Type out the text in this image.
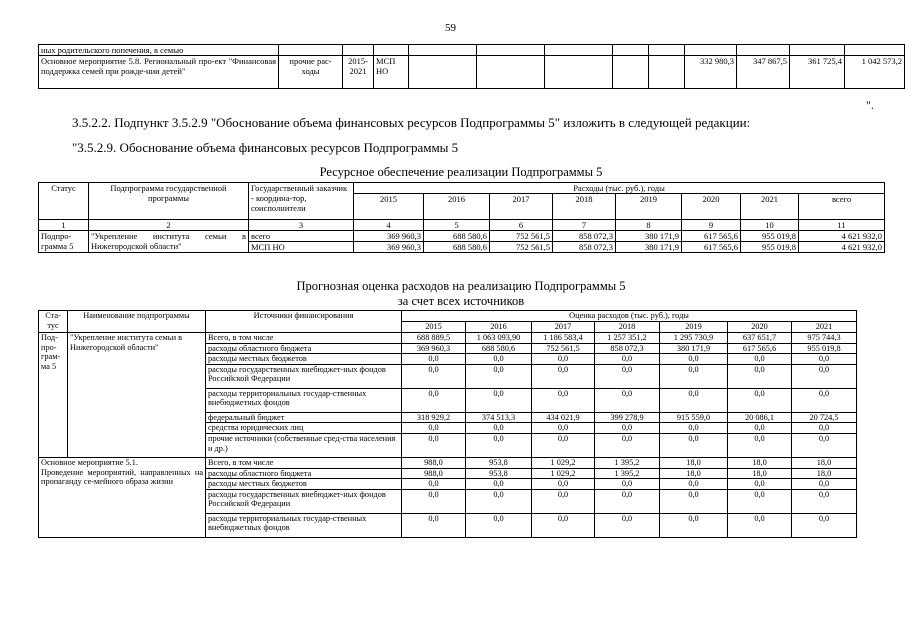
59
ных родительского попечения, в семью												
Основное мероприятие 5.8. Региональный про-ект "Финансовая поддержка семей при рожде-нии детей"	прочие рас-ходы	2015-2021	МСП НО						332 980,3	347 867,5	361 725,4	1 042 573,2
".
3.5.2.2. Подпункт 3.5.2.9 "Обоснование объема финансовых ресурсов Подпрограммы 5" изложить в следующей редакции:
"3.5.2.9. Обоснование объема финансовых ресурсов Подпрограммы 5
Ресурсное обеспечение реализации Подпрограммы 5
Статус	Подпрограмма государственной программы	Государственный заказчик - координа-тор, соисполнители	Расходы (тыс. руб.), годы							
			2015	2016	2017	2018	2019	2020	2021	всего
1	2	3	4	5	6	7	8	9	10	11
Подпро-грамма 5	"Укрепление института семьи в Нижегородской области"	всего	369 960,3	688 580,6	752 561,5	858 072,3	380 171,9	617 565,6	955 019,8	4 621 932,0
		МСП НО	369 960,3	688 580,6	752 561,5	858 072,3	380 171,9	617 565,6	955 019,8	4 621 932,0
Прогнозная оценка расходов на реализацию Подпрограммы 5
за счет всех источников
Ста-тус	Наименование подпрограммы	Источники финансирования	Оценка расходов (тыс. руб.), годы						
			2015	2016	2017	2018	2019	2020	2021
Под-про-грам-ма 5	"Укрепление института семьи в Нижегородской области"	Всего, в том числе	688 889,5	1 063 093,90	1 186 583,4	1 257 351,2	1 295 730,9	637 651,7	975 744,3
		расходы областного бюджета	369 960,3	688 580,6	752 561,5	858 072,3	380 171,9	617 565,6	955 019,8
		расходы местных бюджетов	0,0	0,0	0,0	0,0	0,0	0,0	0,0
		расходы государственных внебюджет-ных фондов Российской Федерации	0,0	0,0	0,0	0,0	0,0	0,0	0,0
		расходы территориальных государ-ственных внебюджетных фондов	0,0	0,0	0,0	0,0	0,0	0,0	0,0
		федеральный бюджет	318 929,2	374 513,3	434 021,9	399 278,9	915 559,0	20 086,1	20 724,5
		средства юридических лиц	0,0	0,0	0,0	0,0	0,0	0,0	0,0
		прочие источники (собственные сред-ства населения и др.)	0,0	0,0	0,0	0,0	0,0	0,0	0,0

Основное мероприятие 5.1.
Проведение мероприятий, направленных на пропаганду се-мейного образа жизни		Всего, в том числе	988,0	953,8	1 029,2	1 395,2	18,0	18,0	18,0
		расходы областного бюджета	988,0	953,8	1 029,2	1 395,2	18,0	18,0	18,0
		расходы местных бюджетов	0,0	0,0	0,0	0,0	0,0	0,0	0,0
		расходы государственных внебюджет-ных фондов Российской Федерации	0,0	0,0	0,0	0,0	0,0	0,0	0,0
		расходы территориальных государ-ственных внебюджетных фондов	0,0	0,0	0,0	0,0	0,0	0,0	0,0
